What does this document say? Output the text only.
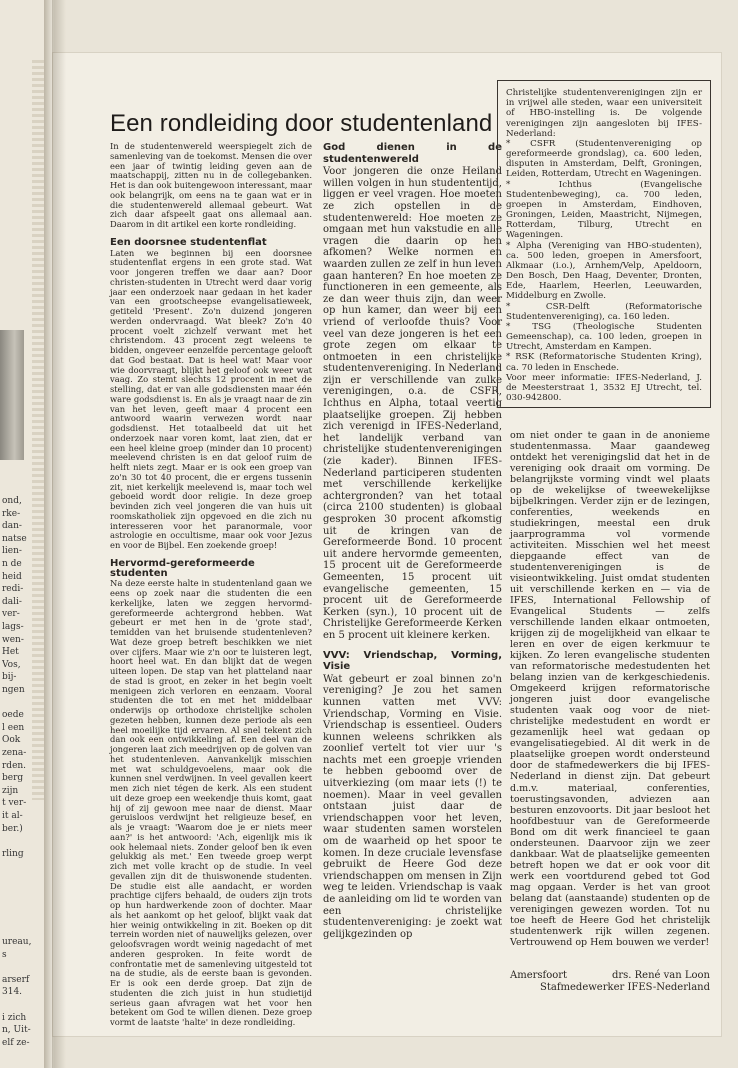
ond,
rke-
dan-
natse
lien-
n de
heid
redi-
dali-
ver-
lags-
wen-
Het
Vos,
bij-
ngen
oede
l een
Ook
zena-
rden.
berg
zijn
t ver-
it al-
ber.)
rling
ureau,
s
arserf
314.
i zich
n, Uit-
elf ze-
Een rondleiding door studentenland

In de studentenwereld weerspiegelt zich de samenleving van de toekomst. Mensen die over een jaar of twintig leiding geven aan de maatschappij, zitten nu in de collegebanken. Het is dan ook buitengewoon interessant, maar ook belangrijk, om eens na te gaan wat er in die studentenwereld allemaal gebeurt. Wat zich daar afspeelt gaat ons allemaal aan. Daarom in dit artikel een korte rondleiding.

Een doorsnee studentenflat

Laten we beginnen bij een doorsnee studentenflat ergens in een grote stad. Wat voor jongeren treffen we daar aan? Door christen-studenten in Utrecht werd daar vorig jaar een onderzoek naar gedaan in het kader van een grootscheepse evangelisatieweek, getiteld 'Present'. Zo'n duizend jongeren werden ondervraagd. Wat bleek? Zo'n 40 procent voelt zichzelf verwant met het christendom. 43 procent zegt weleens te bidden, ongeveer eenzelfde percentage gelooft dat God bestaat. Dat is heel wat! Maar voor wie doorvraagt, blijkt het geloof ook weer wat vaag. Zo stemt slechts 12 procent in met de stelling, dat er van alle godsdiensten maar één ware godsdienst is. En als je vraagt naar de zin van het leven, geeft maar 4 procent een antwoord waarin verwezen wordt naar godsdienst. Het totaalbeeld dat uit het onderzoek naar voren komt, laat zien, dat er een heel kleine groep (minder dan 10 procent) meelevend christen is en dat geloof ruim de helft niets zegt. Maar er is ook een groep van zo'n 30 tot 40 procent, die er ergens tussenin zit, niet kerkelijk meelevend is, maar toch wel geboeid wordt door religie. In deze groep bevinden zich veel jongeren die van huis uit roomskatholiek zijn opgevoed en die zich nu interesseren voor het paranormale, voor astrologie en occultisme, maar ook voor Jezus en voor de Bijbel. Een zoekende groep!

Hervormd-gereformeerde studenten

Na deze eerste halte in studentenland gaan we eens op zoek naar die studenten die een kerkelijke, laten we zeggen hervormd-gereformeerde achtergrond hebben. Wat gebeurt er met hen in de 'grote stad', temidden van het bruisende studentenleven? Wat deze groep betreft beschikken we niet over cijfers. Maar wie z'n oor te luisteren legt, hoort heel wat. En dan blijkt dat de wegen uiteen lopen. De stap van het platteland naar de stad is groot, en zeker in het begin voelt menigeen zich verloren en eenzaam. Vooral studenten die tot en met het middelbaar onderwijs op orthodoxe christelijke scholen gezeten hebben, kunnen deze periode als een heel moeilijke tijd ervaren. Al snel tekent zich dan ook een ontwikkeling af. Een deel van de jongeren laat zich meedrijven op de golven van het studentenleven. Aanvankelijk misschien met wat schuldgevoelens, maar ook die kunnen snel verdwijnen. In veel gevallen keert men zich niet tégen de kerk. Als een student uit deze groep een weekendje thuis komt, gaat hij of zij gewoon mee naar de dienst. Maar geruisloos verdwijnt het religieuze besef, en als je vraagt: 'Waarom doe je er niets meer aan?' is het antwoord: 'Ach, eigenlijk mis ik ook helemaal niets. Zonder geloof ben ik even gelukkig als met.' Een tweede groep werpt zich met volle kracht op de studie. In veel gevallen zijn dit de thuiswonende studenten. De studie eist alle aandacht, er worden prachtige cijfers behaald, de ouders zijn trots op hun hardwerkende zoon of dochter. Maar als het aankomt op het geloof, blijkt vaak dat hier weinig ontwikkeling in zit. Boeken op dit terrein worden niet of nauwelijks gelezen, over geloofsvragen wordt weinig nagedacht of met anderen gesproken. In feite wordt de confrontatie met de samenleving uitgesteld tot na de studie, als de eerste baan is gevonden. Er is ook een derde groep. Dat zijn de studenten die zich juist in hun studietijd serieus gaan afvragen wat het voor hen betekent om God te willen dienen. Deze groep vormt de laatste 'halte' in deze rondleiding.

God dienen in de studentenwereld

Voor jongeren die onze Heiland willen volgen in hun studententijd, liggen er veel vragen. Hoe moeten ze zich opstellen in de studentenwereld: Hoe moeten ze omgaan met hun vakstudie en alle vragen die daarin op hen afkomen? Welke normen en waarden zullen ze zelf in hun leven gaan hanteren? En hoe moeten ze functioneren in een gemeente, als ze dan weer thuis zijn, dan weer op hun kamer, dan weer bij een vriend of verloofde thuis? Voor veel van deze jongeren is het een grote zegen om elkaar te ontmoeten in een christelijke studentenvereniging. In Nederland zijn er verschillende van zulke verenigingen, o.a. de CSFR, Ichthus en Alpha, totaal veertig plaatselijke groepen. Zij hebben zich verenigd in IFES-Nederland, het landelijk verband van christelijke studentenverenigingen (zie kader). Binnen IFES-Nederland participeren studenten met verschillende kerkelijke achtergronden? van het totaal (circa 2100 studenten) is globaal gesproken 30 procent afkomstig uit de kringen van de Gereformeerde Bond. 10 procent uit andere hervormde gemeenten, 15 procent uit de Gereformeerde Gemeenten, 15 procent uit evangelische gemeenten, 15 procent uit de Gereformeerde Kerken (syn.), 10 procent uit de Christelijke Gereformeerde Kerken en 5 procent uit kleinere kerken.

VVV: Vriendschap, Vorming, Visie

Wat gebeurt er zoal binnen zo'n vereniging? Je zou het samen kunnen vatten met VVV: Vriendschap, Vorming en Visie. Vriendschap is essentieel. Ouders kunnen weleens schrikken als zoonlief vertelt tot vier uur 's nachts met een groepje vrienden te hebben geboomd over de uitverkiezing (om maar iets (!) te noemen). Maar in veel gevallen ontstaan juist daar de vriendschappen voor het leven, waar studenten samen worstelen om de waarheid op het spoor te komen. In deze cruciale levensfase gebruikt de Heere God deze vriendschappen om mensen in Zijn weg te leiden. Vriendschap is vaak de aanleiding om lid te worden van een christelijke studentenvereniging: je zoekt wat gelijkgezinden op

Christelijke studentenverenigingen zijn er in vrijwel alle steden, waar een universiteit of HBO-instelling is. De volgende verenigingen zijn aangesloten bij IFES-Nederland:

* CSFR (Studentenvereniging op gereformeerde grondslag), ca. 600 leden, disputen in Amsterdam, Delft, Groningen, Leiden, Rotterdam, Utrecht en Wageningen.

* Ichthus (Evangelische Studentenbeweging), ca. 700 leden, groepen in Amsterdam, Eindhoven, Groningen, Leiden, Maastricht, Nijmegen, Rotterdam, Tilburg, Utrecht en Wageningen.

* Alpha (Vereniging van HBO-studenten), ca. 500 leden, groepen in Amersfoort, Alkmaar (i.o.), Arnhem/Velp, Apeldoorn, Den Bosch, Den Haag, Deventer, Dronten, Ede, Haarlem, Heerlen, Leeuwarden, Middelburg en Zwolle.

* CSR-Delft (Reformatorische Studentenvereniging), ca. 160 leden.

* TSG (Theologische Studenten Gemeenschap), ca. 100 leden, groepen in Utrecht, Amsterdam en Kampen.

* RSK (Reformatorische Studenten Kring), ca. 70 leden in Enschede.

Voor meer informatie: IFES-Nederland, J. de Meesterstraat 1, 3532 EJ Utrecht, tel. 030-942800.

om niet onder te gaan in de anonieme studentenmassa. Maar gaandeweg ontdekt het verenigingslid dat het in de vereniging ook draait om vorming. De belangrijkste vorming vindt wel plaats op de wekelijkse of tweewekelijkse bijbelkringen. Verder zijn er de lezingen, conferenties, weekends en studiekringen, meestal een druk jaarprogramma vol vormende activiteiten. Misschien wel het meest diepgaande effect van de studentenverenigingen is de visieontwikkeling. Juist omdat studenten uit verschillende kerken en — via de IFES, International Fellowship of Evangelical Students — zelfs verschillende landen elkaar ontmoeten, krijgen zij de mogelijkheid van elkaar te leren en over de eigen kerkmuur te kijken. Zo leren evangelische studenten van reformatorische medestudenten het belang inzien van de kerkgeschiedenis. Omgekeerd krijgen reformatorische jongeren juist door evangelische studenten vaak oog voor de niet-christelijke medestudent en wordt er gezamenlijk heel wat gedaan op evangelisatiegebied. Al dit werk in de plaatselijke groepen wordt ondersteund door de stafmedewerkers die bij IFES-Nederland in dienst zijn. Dat gebeurt d.m.v. materiaal, conferenties, toerustingsavonden, adviezen aan besturen enzovoorts. Dit jaar besloot het hoofdbestuur van de Gereformeerde Bond om dit werk financieel te gaan ondersteunen. Daarvoor zijn we zeer dankbaar. Wat de plaatselijke gemeenten betreft hopen we dat er ook voor dit werk een voortdurend gebed tot God mag opgaan. Verder is het van groot belang dat (aanstaande) studenten op de verenigingen gewezen worden. Tot nu toe heeft de Heere God het christelijk studentenwerk rijk willen zegenen. Vertrouwend op Hem bouwen we verder!

Amersfoort	drs. René van Loon
Stafmedewerker IFES-Nederland
